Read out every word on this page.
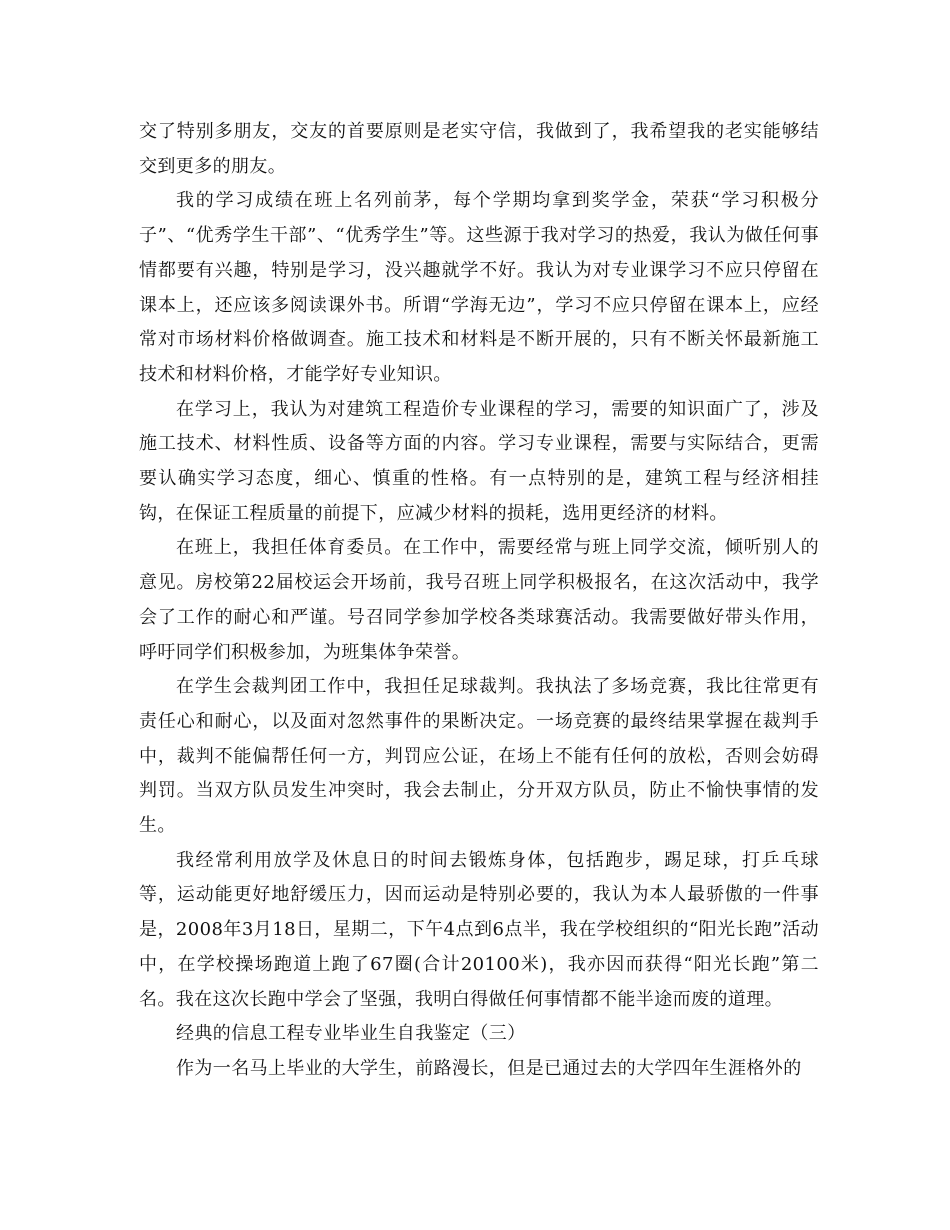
交了特别多朋友，交友的首要原则是老实守信，我做到了，我希望我的老实能够结交到更多的朋友。

我的学习成绩在班上名列前茅，每个学期均拿到奖学金，荣获“学习积极分子”、“优秀学生干部”、“优秀学生”等。这些源于我对学习的热爱，我认为做任何事情都要有兴趣，特别是学习，没兴趣就学不好。我认为对专业课学习不应只停留在课本上，还应该多阅读课外书。所谓“学海无边”，学习不应只停留在课本上，应经常对市场材料价格做调查。施工技术和材料是不断开展的，只有不断关怀最新施工技术和材料价格，才能学好专业知识。

在学习上，我认为对建筑工程造价专业课程的学习，需要的知识面广了，涉及施工技术、材料性质、设备等方面的内容。学习专业课程，需要与实际结合，更需要认确实学习态度，细心、慎重的性格。有一点特别的是，建筑工程与经济相挂钩，在保证工程质量的前提下，应减少材料的损耗，选用更经济的材料。

在班上，我担任体育委员。在工作中，需要经常与班上同学交流，倾听别人的意见。房校第22届校运会开场前，我号召班上同学积极报名，在这次活动中，我学会了工作的耐心和严谨。号召同学参加学校各类球赛活动。我需要做好带头作用，呼吁同学们积极参加，为班集体争荣誉。

在学生会裁判团工作中，我担任足球裁判。我执法了多场竞赛，我比往常更有责任心和耐心，以及面对忽然事件的果断决定。一场竞赛的最终结果掌握在裁判手中，裁判不能偏帮任何一方，判罚应公证，在场上不能有任何的放松，否则会妨碍判罚。当双方队员发生冲突时，我会去制止，分开双方队员，防止不愉快事情的发生。

我经常利用放学及休息日的时间去锻炼身体，包括跑步，踢足球，打乒乓球等，运动能更好地舒缓压力，因而运动是特别必要的，我认为本人最骄傲的一件事是，2008年3月18日，星期二，下午4点到6点半，我在学校组织的“阳光长跑”活动中，在学校操场跑道上跑了67圈(合计20100米)，我亦因而获得“阳光长跑”第二名。我在这次长跑中学会了坚强，我明白得做任何事情都不能半途而废的道理。

经典的信息工程专业毕业生自我鉴定（三）

作为一名马上毕业的大学生，前路漫长，但是已通过去的大学四年生涯格外的
